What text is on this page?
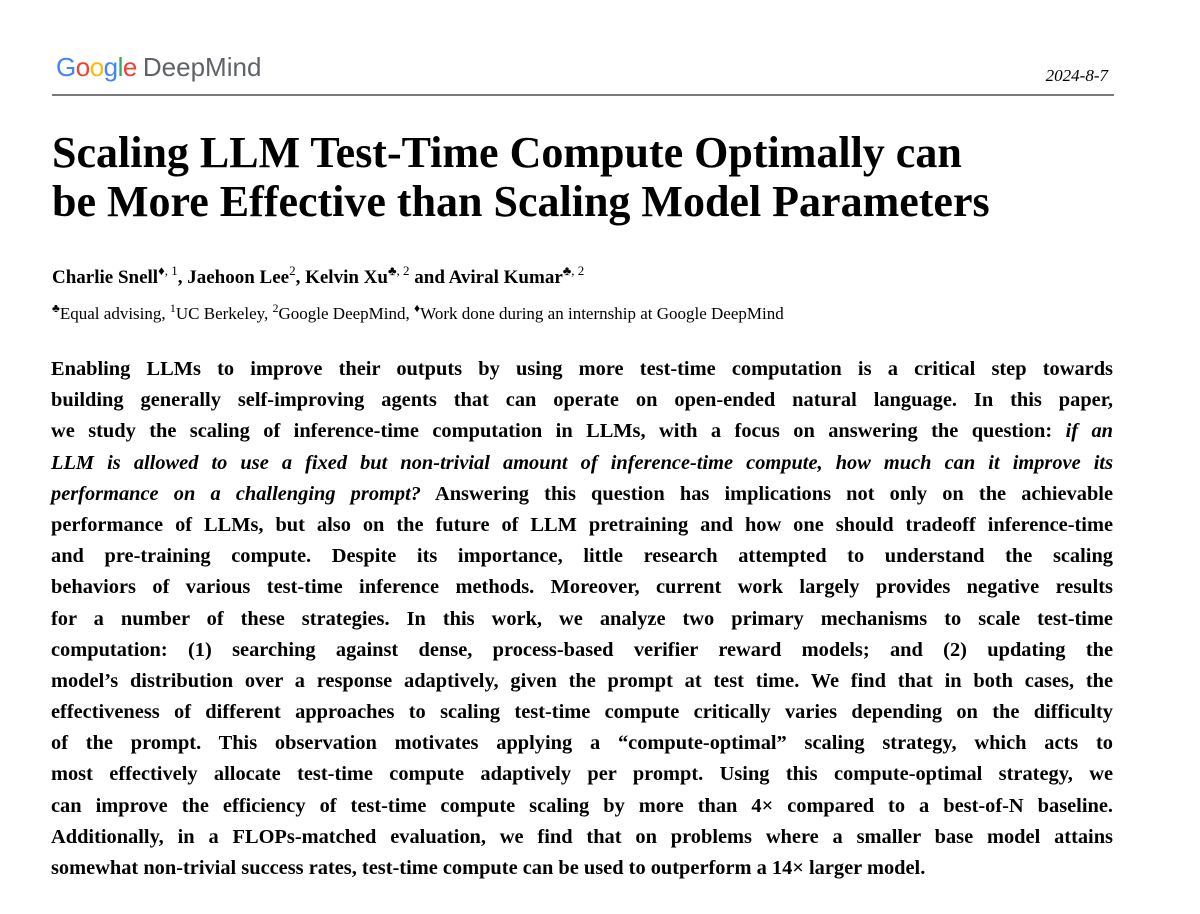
Google DeepMind	2024-8-7
Scaling LLM Test-Time Compute Optimally can
be More Effective than Scaling Model Parameters
Charlie Snell$^{♦, 1}$, Jaehoon Lee$^2$, Kelvin $Xu^{♣, 2}$ and Aviral Kumar$^{♣, 2}$
♣Equal advising, $^1$UC Berkeley, $^2$Google DeepMind, ♦Work done during an internship at Google DeepMind
Enabling LLMs to improve their outputs by using more test-time computation is a critical step towards
building generally self-improving agents that can operate on open-ended natural language. In this paper,
we study the scaling of inference-time computation in LLMs, with a focus on answering the question: if an
LLM is allowed to use a fixed but non-trivial amount of inference-time compute, how much can it improve its
performance on a challenging prompt? Answering this question has implications not only on the achievable
performance of LLMs, but also on the future of LLM pretraining and how one should tradeoff inference-time
and pre-training compute. Despite its importance, little research attempted to understand the scaling
behaviors of various test-time inference methods. Moreover, current work largely provides negative results
for a number of these strategies. In this work, we analyze two primary mechanisms to scale test-time
computation: (1) searching against dense, process-based verifier reward models; and (2) updating the
model’s distribution over a response adaptively, given the prompt at test time. We find that in both cases, the
effectiveness of different approaches to scaling test-time compute critically varies depending on the difficulty
of the prompt. This observation motivates applying a “compute-optimal” scaling strategy, which acts to
most effectively allocate test-time compute adaptively per prompt. Using this compute-optimal strategy, we
can improve the efficiency of test-time compute scaling by more than 4× compared to a best-of-N baseline.
Additionally, in a FLOPs-matched evaluation, we find that on problems where a smaller base model attains
somewhat non-trivial success rates, test-time compute can be used to outperform a 14× larger model.
